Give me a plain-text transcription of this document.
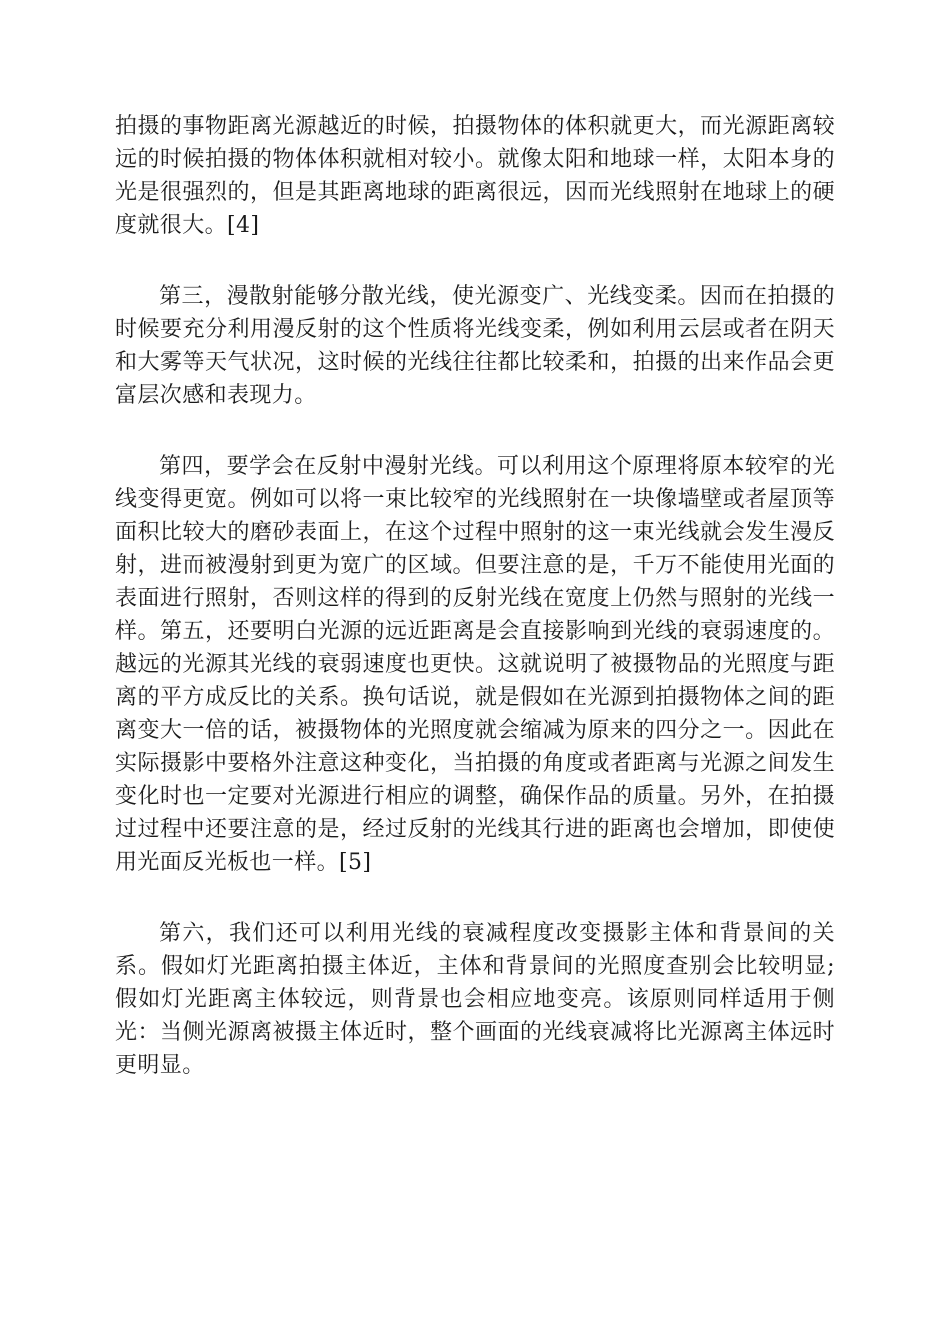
拍摄的事物距离光源越近的时候，拍摄物体的体积就更大，而光源距离较远的时候拍摄的物体体积就相对较小。就像太阳和地球一样，太阳本身的光是很强烈的，但是其距离地球的距离很远，因而光线照射在地球上的硬度就很大。[4]

第三，漫散射能够分散光线，使光源变广、光线变柔。因而在拍摄的时候要充分利用漫反射的这个性质将光线变柔，例如利用云层或者在阴天和大雾等天气状况，这时候的光线往往都比较柔和，拍摄的出来作品会更富层次感和表现力。

第四，要学会在反射中漫射光线。可以利用这个原理将原本较窄的光线变得更宽。例如可以将一束比较窄的光线照射在一块像墙壁或者屋顶等面积比较大的磨砂表面上，在这个过程中照射的这一束光线就会发生漫反射，进而被漫射到更为宽广的区域。但要注意的是，千万不能使用光面的表面进行照射，否则这样的得到的反射光线在宽度上仍然与照射的光线一样。第五，还要明白光源的远近距离是会直接影响到光线的衰弱速度的。越远的光源其光线的衰弱速度也更快。这就说明了被摄物品的光照度与距离的平方成反比的关系。换句话说，就是假如在光源到拍摄物体之间的距离变大一倍的话，被摄物体的光照度就会缩减为原来的四分之一。因此在实际摄影中要格外注意这种变化，当拍摄的角度或者距离与光源之间发生变化时也一定要对光源进行相应的调整，确保作品的质量。另外，在拍摄过过程中还要注意的是，经过反射的光线其行进的距离也会增加，即使使用光面反光板也一样。[5]

第六，我们还可以利用光线的衰减程度改变摄影主体和背景间的关系。假如灯光距离拍摄主体近，主体和背景间的光照度查别会比较明显;假如灯光距离主体较远，则背景也会相应地变亮。该原则同样适用于侧光：当侧光源离被摄主体近时，整个画面的光线衰减将比光源离主体远时更明显。
